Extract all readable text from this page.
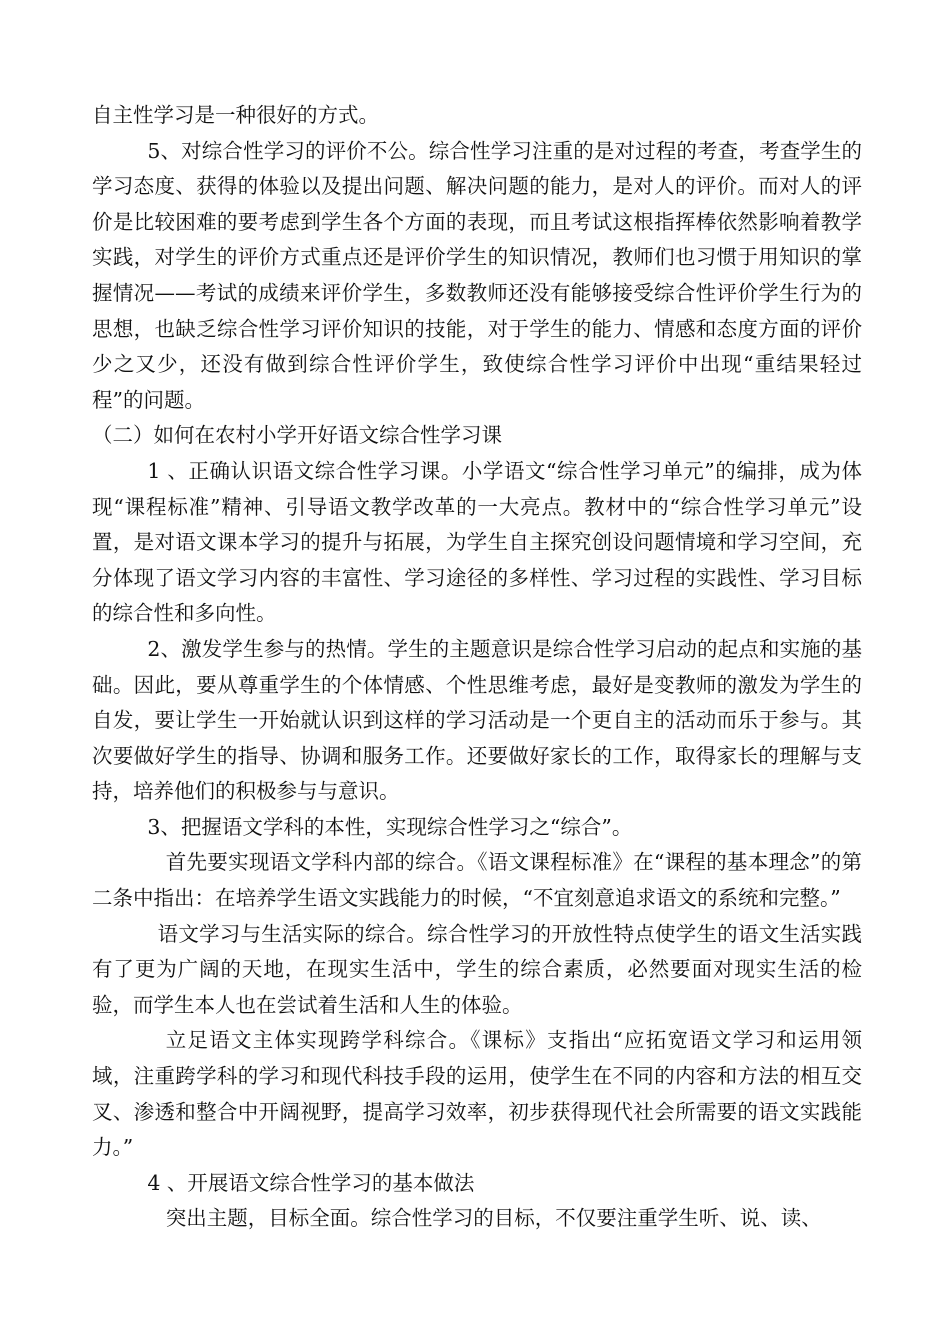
自主性学习是一种很好的方式。

5、对综合性学习的评价不公。综合性学习注重的是对过程的考查，考查学生的学习态度、获得的体验以及提出问题、解决问题的能力，是对人的评价。而对人的评价是比较困难的要考虑到学生各个方面的表现，而且考试这根指挥棒依然影响着教学实践，对学生的评价方式重点还是评价学生的知识情况，教师们也习惯于用知识的掌握情况——考试的成绩来评价学生，多数教师还没有能够接受综合性评价学生行为的思想，也缺乏综合性学习评价知识的技能，对于学生的能力、情感和态度方面的评价少之又少，还没有做到综合性评价学生，致使综合性学习评价中出现“重结果轻过程”的问题。

（二）如何在农村小学开好语文综合性学习课

1 、正确认识语文综合性学习课。小学语文“综合性学习单元”的编排，成为体现“课程标准”精神、引导语文教学改革的一大亮点。教材中的“综合性学习单元”设置，是对语文课本学习的提升与拓展，为学生自主探究创设问题情境和学习空间，充分体现了语文学习内容的丰富性、学习途径的多样性、学习过程的实践性、学习目标的综合性和多向性。

2、激发学生参与的热情。学生的主题意识是综合性学习启动的起点和实施的基础。因此，要从尊重学生的个体情感、个性思维考虑，最好是变教师的激发为学生的自发，要让学生一开始就认识到这样的学习活动是一个更自主的活动而乐于参与。其次要做好学生的指导、协调和服务工作。还要做好家长的工作，取得家长的理解与支持，培养他们的积极参与与意识。

3、把握语文学科的本性，实现综合性学习之“综合”。

首先要实现语文学科内部的综合。《语文课程标准》在“课程的基本理念”的第二条中指出：在培养学生语文实践能力的时候，“不宜刻意追求语文的系统和完整。”

语文学习与生活实际的综合。综合性学习的开放性特点使学生的语文生活实践有了更为广阔的天地，在现实生活中，学生的综合素质，必然要面对现实生活的检验，而学生本人也在尝试着生活和人生的体验。

立足语文主体实现跨学科综合。《课标》支指出“应拓宽语文学习和运用领域，注重跨学科的学习和现代科技手段的运用，使学生在不同的内容和方法的相互交叉、渗透和整合中开阔视野，提高学习效率，初步获得现代社会所需要的语文实践能力。”

4 、开展语文综合性学习的基本做法

突出主题，目标全面。综合性学习的目标，不仅要注重学生听、说、读、
